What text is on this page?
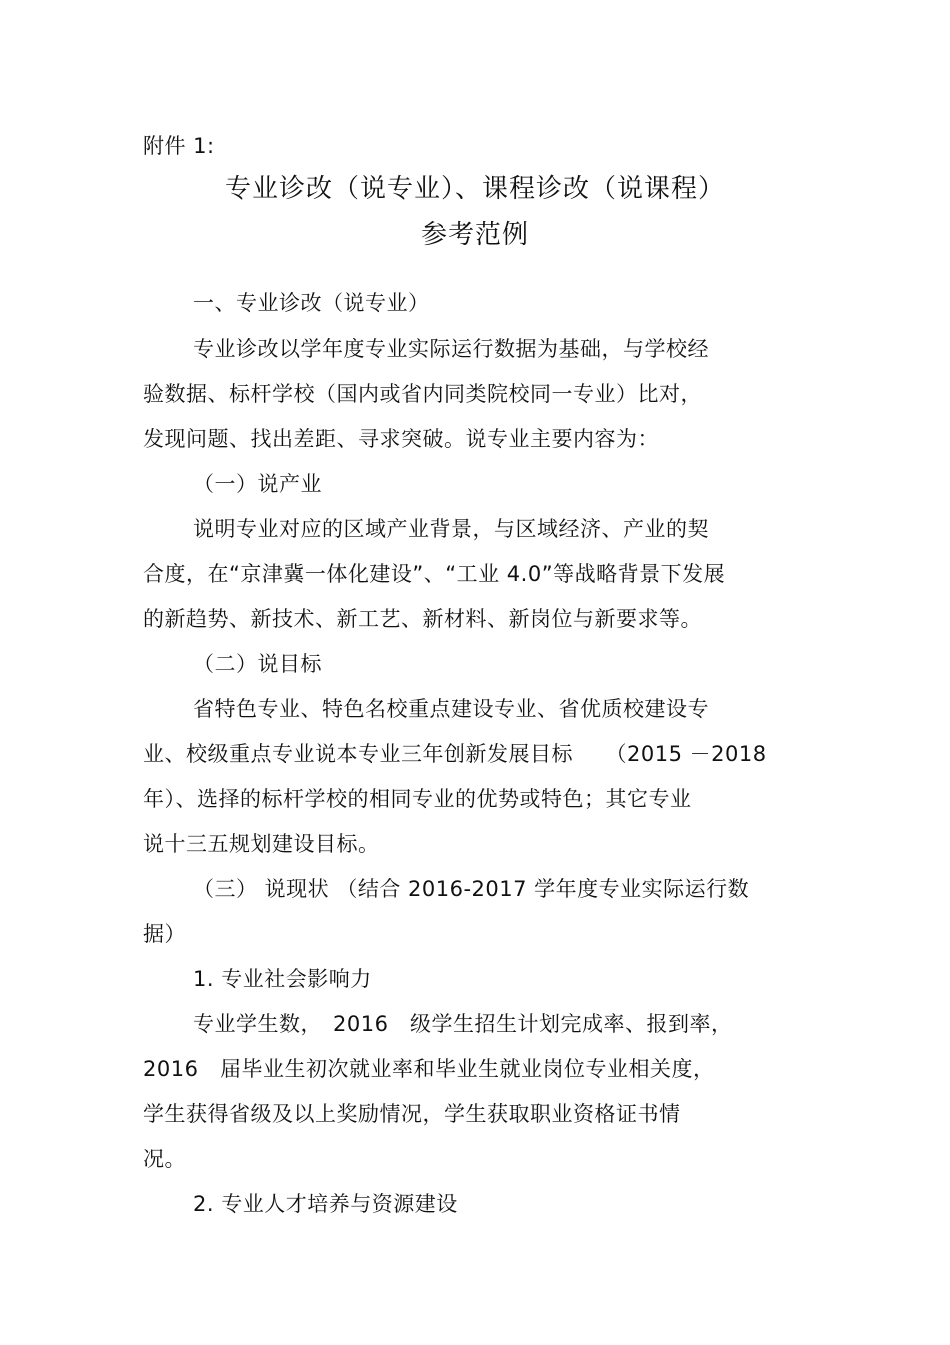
附件 1:
专业诊改（说专业）、课程诊改（说课程）
参考范例
一、专业诊改（说专业）
专业诊改以学年度专业实际运行数据为基础，与学校经
验数据、标杆学校（国内或省内同类院校同一专业）比对，
发现问题、找出差距、寻求突破。说专业主要内容为：
（一）说产业
说明专业对应的区域产业背景，与区域经济、产业的契
合度，在“京津冀一体化建设”、“工业 4.0”等战略背景下发展
的新趋势、新技术、新工艺、新材料、新岗位与新要求等。
（二）说目标
省特色专业、特色名校重点建设专业、省优质校建设专
业、校级重点专业说本专业三年创新发展目标　　（2015 －2018
年）、选择的标杆学校的相同专业的优势或特色；其它专业
说十三五规划建设目标。
（三） 说现状 （结合 2016-2017 学年度专业实际运行数
据）
1. 专业社会影响力
专业学生数，　2016　级学生招生计划完成率、报到率，
2016　届毕业生初次就业率和毕业生就业岗位专业相关度，
学生获得省级及以上奖励情况，学生获取职业资格证书情
况。
2. 专业人才培养与资源建设
